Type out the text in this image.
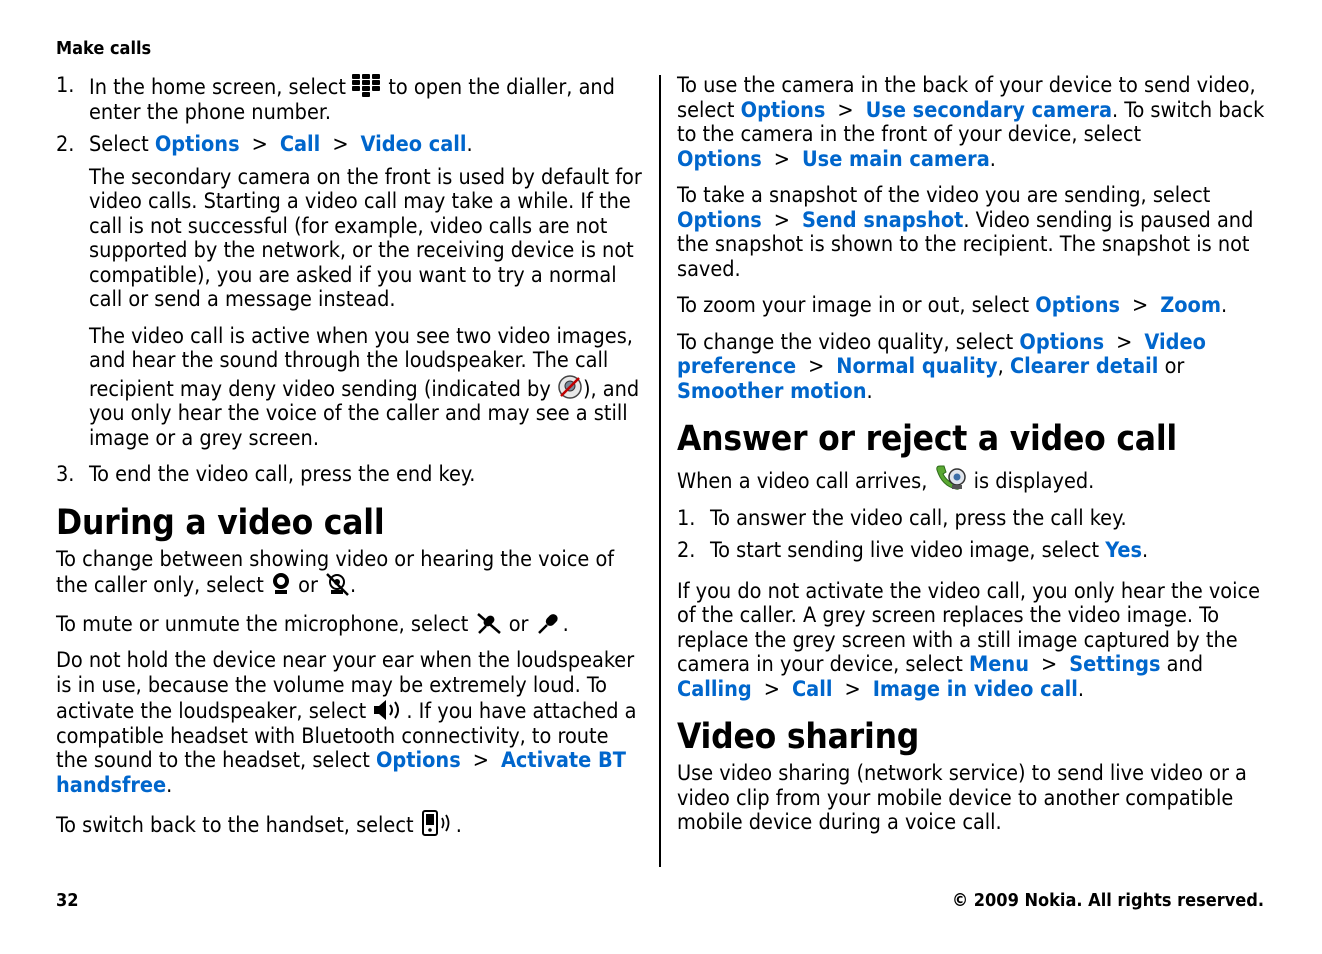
Make calls
1. In the home screen, select to open the dialler, and enter the phone number.
2. Select Options > Call > Video call.

The secondary camera on the front is used by default for video calls. Starting a video call may take a while. If the call is not successful (for example, video calls are not supported by the network, or the receiving device is not compatible), you are asked if you want to try a normal call or send a message instead.

The video call is active when you see two video images, and hear the sound through the loudspeaker. The call recipient may deny video sending (indicated by ), and you only hear the voice of the caller and may see a still image or a grey screen.

3. To end the video call, press the end key.
During a video call

To change between showing video or hearing the voice of the caller only, select or .

To mute or unmute the microphone, select or .

Do not hold the device near your ear when the loudspeaker is in use, because the volume may be extremely loud. To activate the loudspeaker, select . If you have attached a compatible headset with Bluetooth connectivity, to route the sound to the headset, select Options > Activate BT handsfree.

To switch back to the handset, select .

To use the camera in the back of your device to send video, select Options > Use secondary camera. To switch back to the camera in the front of your device, select Options > Use main camera.

To take a snapshot of the video you are sending, select Options > Send snapshot. Video sending is paused and the snapshot is shown to the recipient. The snapshot is not saved.

To zoom your image in or out, select Options > Zoom.

To change the video quality, select Options > Video preference > Normal quality, Clearer detail or Smoother motion.

Answer or reject a video call

When a video call arrives, is displayed.

1. To answer the video call, press the call key.
2. To start sending live video image, select Yes.

If you do not activate the video call, you only hear the voice of the caller. A grey screen replaces the video image. To replace the grey screen with a still image captured by the camera in your device, select Menu > Settings and Calling > Call > Image in video call.

Video sharing

Use video sharing (network service) to send live video or a video clip from your mobile device to another compatible mobile device during a voice call.

32	© 2009 Nokia. All rights reserved.
